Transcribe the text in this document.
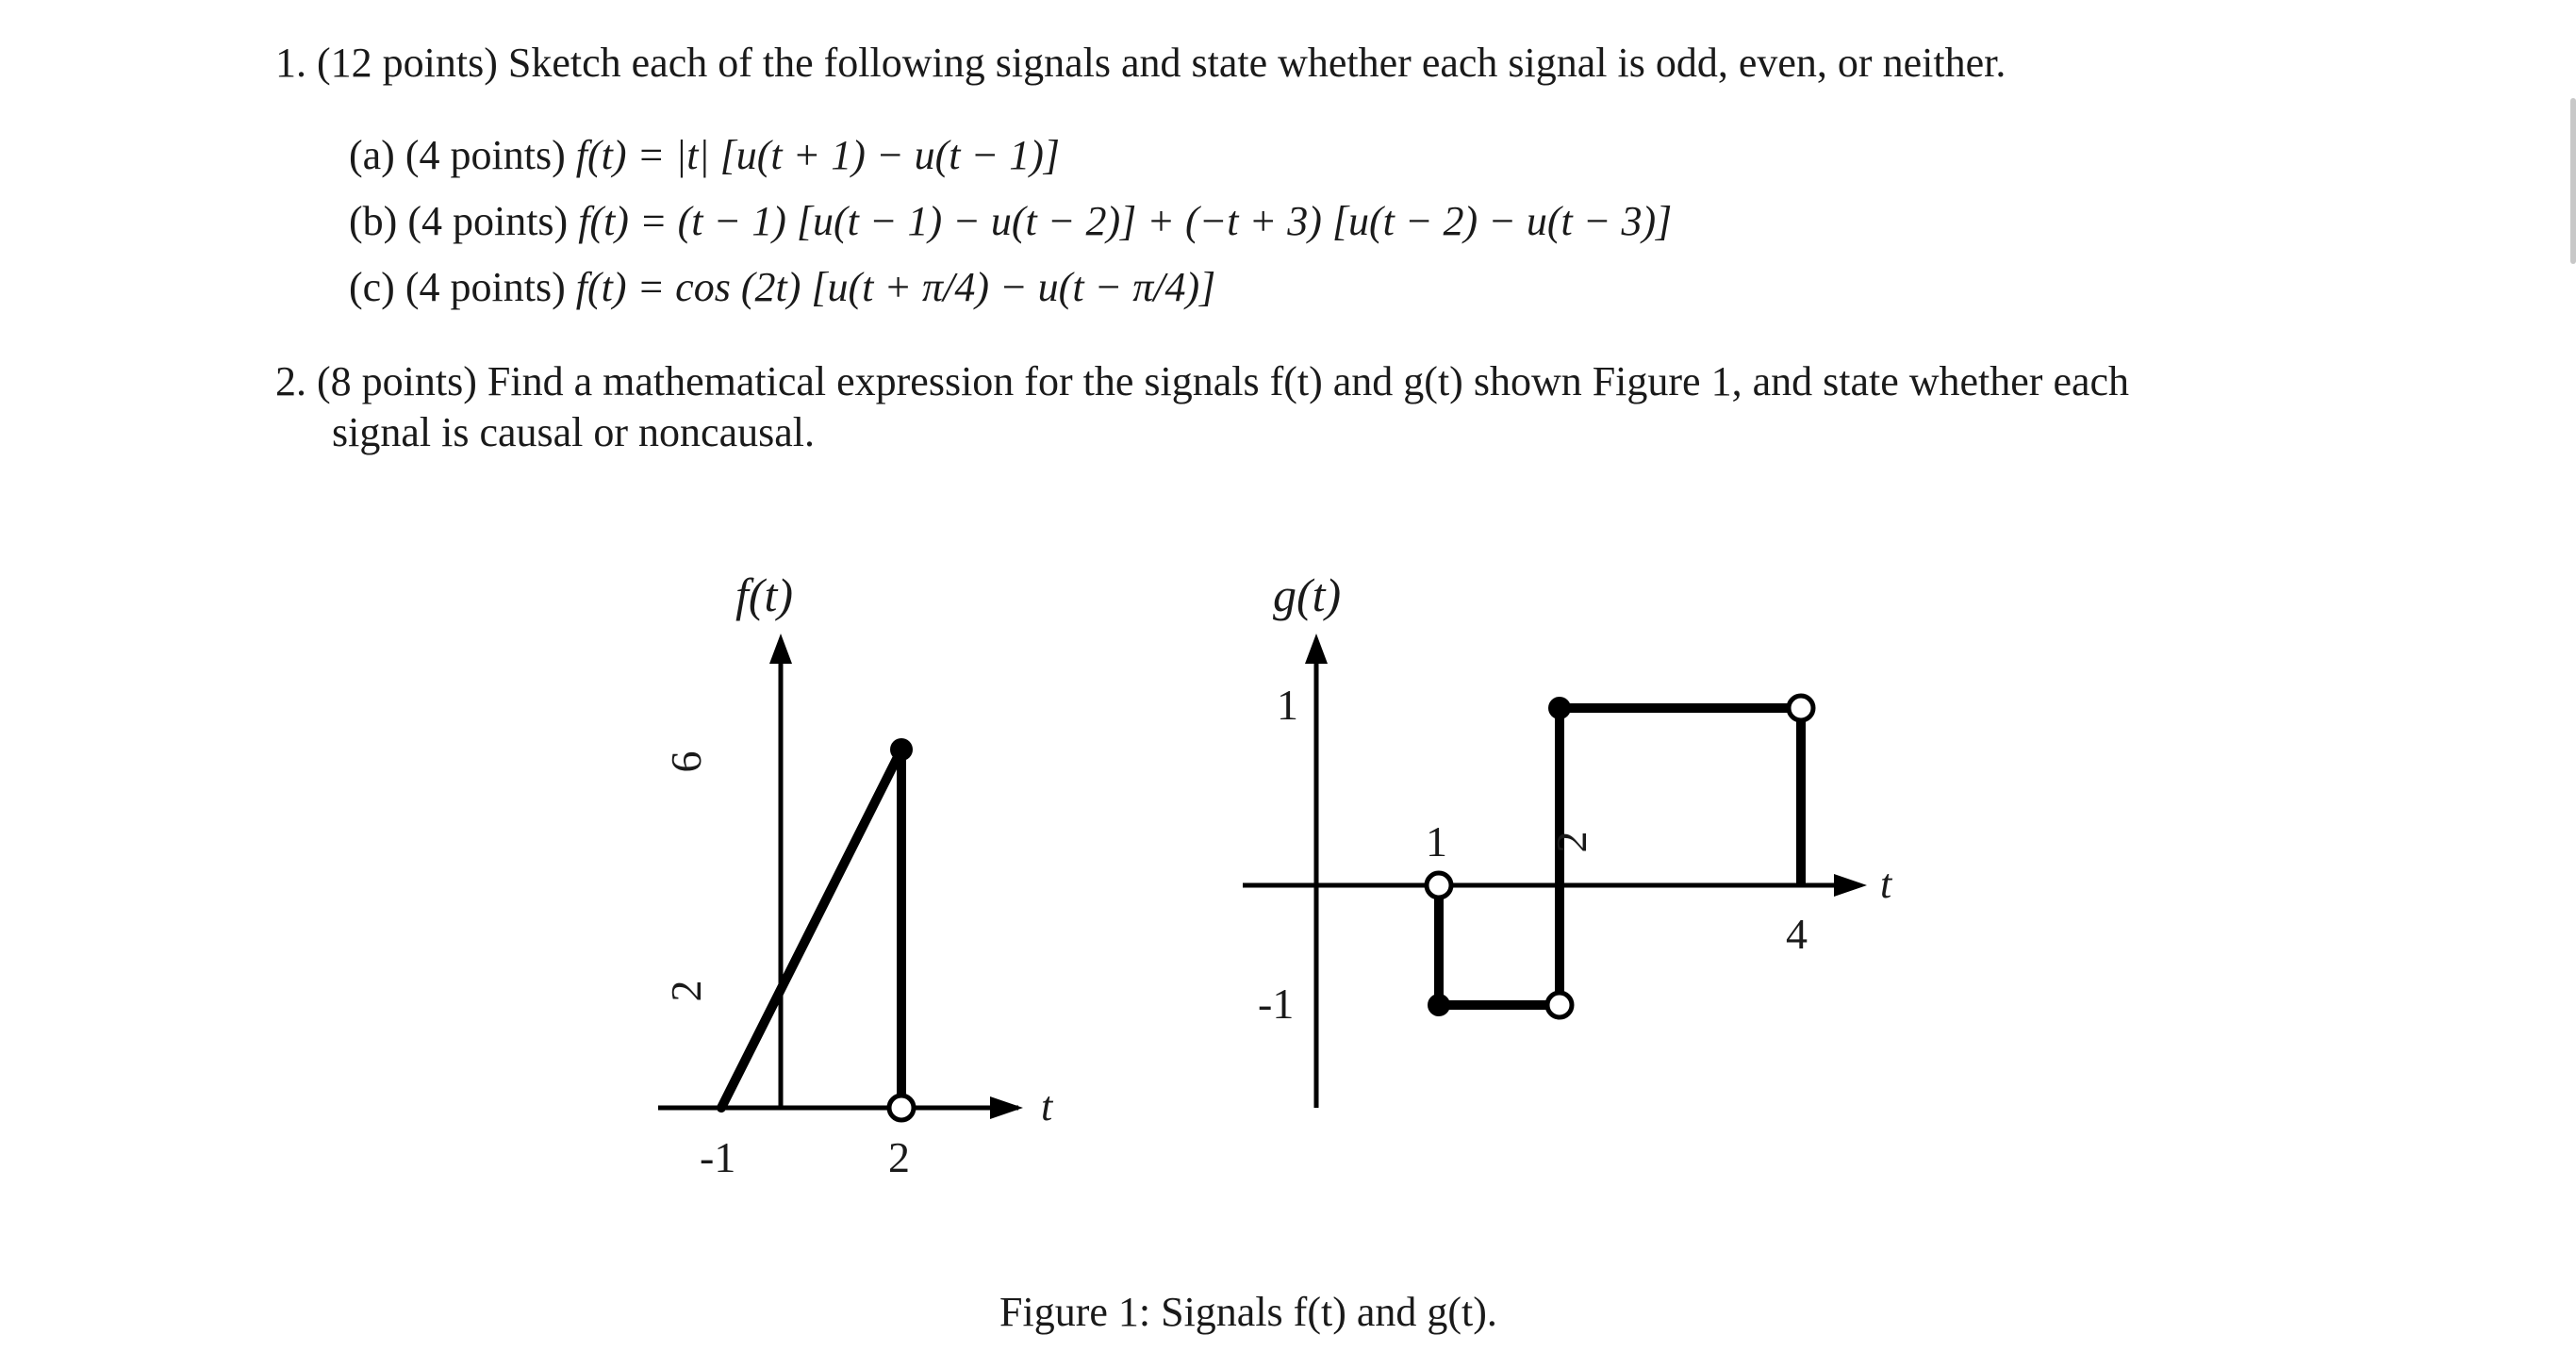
1. (12 points) Sketch each of the following signals and state whether each signal is odd, even, or neither.
(a) (4 points) f(t) = |t| [u(t + 1) − u(t − 1)]
(b) (4 points) f(t) = (t − 1) [u(t − 1) − u(t − 2)] + (−t + 3) [u(t − 2) − u(t − 3)]
(c) (4 points) f(t) = cos (2t) [u(t + π/4) − u(t − π/4)]
2. (8 points) Find a mathematical expression for the signals f(t) and g(t) shown Figure 1, and state whether each
signal is causal or noncausal.
f(t)
t
-1	2
6
2
g(t)
t
1 2
4
1
-1
Figure 1: Signals f(t) and g(t).
